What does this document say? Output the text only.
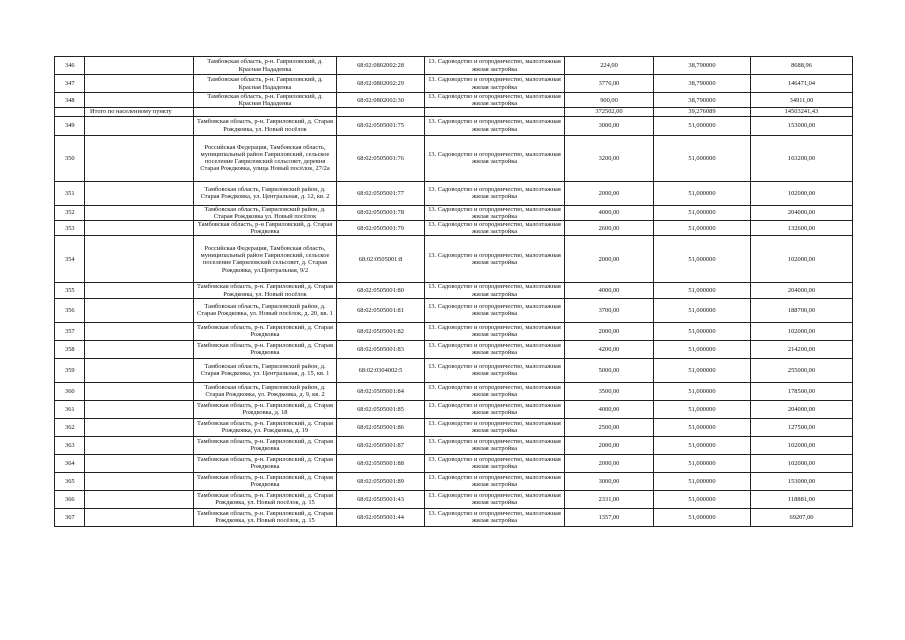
346		Тамбовская область, р-н. Гавриловский, д. Красная Нададенка	68:02:0802002:28	13. Садоводство и огородничество, малоэтажная жилая застройка	224,00	38,790000	8688,96
347		Тамбовская область, р-н. Гавриловский, д. Красная Нададенка	68:02:0802002:29	13. Садоводство и огородничество, малоэтажная жилая застройка	3776,00	38,790000	146471,04
348		Тамбовская область, р-н. Гавриловский, д. Красная Нададенка	68:02:0802002:30	13. Садоводство и огородничество, малоэтажная жилая застройка	900,00	38,790000	34911,00
	Итого по населенному пункту				372502,00	39,276089	14503241,43
349		Тамбовская область, р-н. Гавриловский, д. Старая Рождковка, ул. Новый посёлок	68:02:0505001:75	13. Садоводство и огородничество, малоэтажная жилая застройка	3000,00	51,000000	153000,00
350		Российская Федерация, Тамбовская область, муниципальный район Гавриловский, сельское поселение Гавриловский сельсовет, деревня Старая Рождковка, улица Новый посёлок, 27/2а	68:02:0505001:76	13. Садоводство и огородничество, малоэтажная жилая застройка	3200,00	51,000000	163200,00
351		Тамбовская область, Гавриловский район, д. Старая Рождковка, ул. Центральная, д. 12, кв. 2	68:02:0505001:77	13. Садоводство и огородничество, малоэтажная жилая застройка	2000,00	51,000000	102000,00
352		Тамбовская область, Гавриловский район, д. Старая Рождковка ул. Новый посёлок	68:02:0505001:78	13. Садоводство и огородничество, малоэтажная жилая застройка	4000,00	51,000000	204000,00
353		Тамбовская область, р-н Гавриловский, д. Старая Рождковка	68:02:0505001:79	13. Садоводство и огородничество, малоэтажная жилая застройка	2600,00	51,000000	132600,00
354		Российская Федерация, Тамбовская область, муниципальный район Гавриловский, сельское поселение Гавриловский сельсовет, д. Старая Рождковка, ул.Центральная, 9/2	68:02:0505001:8	13. Садоводство и огородничество, малоэтажная жилая застройка	2000,00	51,000000	102000,00
355		Тамбовская область, р-н. Гавриловский, д. Старая Рождковка, ул. Новый посёлок	68:02:0505001:80	13. Садоводство и огородничество, малоэтажная жилая застройка	4000,00	51,000000	204000,00
356		Тамбовская область, Гавриловский район, д. Старая Рождковка, ул. Новый посёлок, д. 20, кв. 1	68:02:0505001:81	13. Садоводство и огородничество, малоэтажная жилая застройка	3700,00	51,000000	188700,00
357		Тамбовская область, р-н. Гавриловский, д. Старая Рождковка	68:02:0505001:82	13. Садоводство и огородничество, малоэтажная жилая застройка	2000,00	51,000000	102000,00
358		Тамбовская область, р-н. Гавриловский, д. Старая Рождковка	68:02:0505001:83	13. Садоводство и огородничество, малоэтажная жилая застройка	4200,00	51,000000	214200,00
359		Тамбовская область, Гавриловский район, д. Старая Рождковка, ул. Центральная, д. 15, кв. 1	68:02:0304002:5	13. Садоводство и огородничество, малоэтажная жилая застройка	5000,00	51,000000	255000,00
360		Тамбовская область, Гавриловский район, д. Старая Рождковка, ул. Рождковка, д. 9, кв. 2	68:02:0505001:84	13. Садоводство и огородничество, малоэтажная жилая застройка	3500,00	51,000000	178500,00
361		Тамбовская область, р-н. Гавриловский, д. Старая Рождковка, д. 18	68:02:0505001:85	13. Садоводство и огородничество, малоэтажная жилая застройка	4000,00	51,000000	204000,00
362		Тамбовская область, р-н. Гавриловский, д. Старая Рождковка, ул. Рождковка, д. 19	68:02:0505001:86	13. Садоводство и огородничество, малоэтажная жилая застройка	2500,00	51,000000	127500,00
363		Тамбовская область, р-н. Гавриловский, д. Старая Рождковка	68:02:0505001:87	13. Садоводство и огородничество, малоэтажная жилая застройка	2000,00	51,000000	102000,00
364		Тамбовская область, р-н. Гавриловский, д. Старая Рождковка	68:02:0505001:88	13. Садоводство и огородничество, малоэтажная жилая застройка	2000,00	51,000000	102000,00
365		Тамбовская область, р-н. Гавриловский, д. Старая Рождковка	68:02:0505001:89	13. Садоводство и огородничество, малоэтажная жилая застройка	3000,00	51,000000	153000,00
366		Тамбовская область, р-н. Гавриловский, д. Старая Рождковка, ул. Новый посёлок, д. 15	68:02:0505001:43	13. Садоводство и огородничество, малоэтажная жилая застройка	2331,00	51,000000	118881,00
367		Тамбовская область, р-н. Гавриловский, д. Старая Рождковка, ул. Новый посёлок, д. 15	68:02:0505001:44	13. Садоводство и огородничество, малоэтажная жилая застройка	1357,00	51,000000	69207,00
